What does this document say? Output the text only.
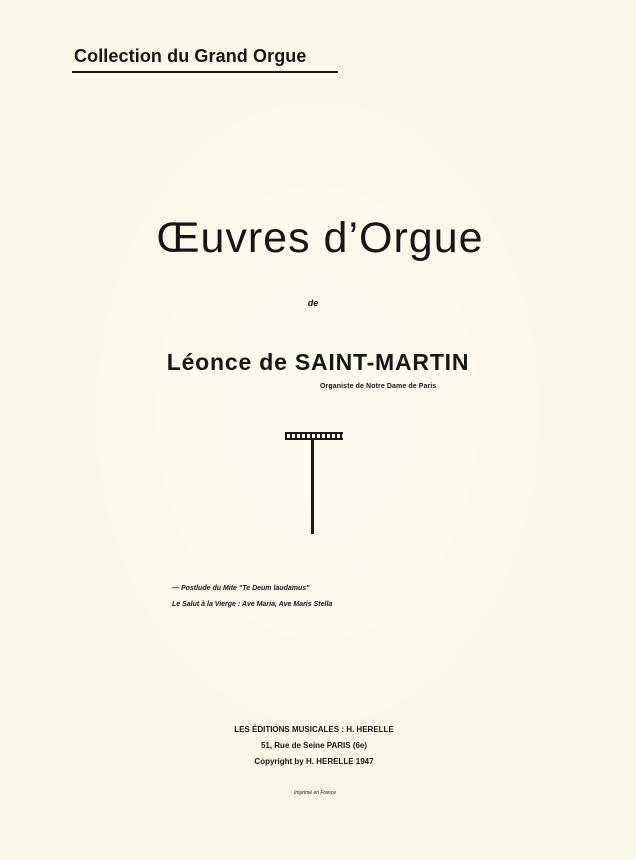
Collection du Grand Orgue
Œuvres d’Orgue
de
Léonce de SAINT-MARTIN
Organiste de Notre Dame de Paris
— Postlude du Mite "Te Deum laudamus"
Le Salut à la Vierge : Ave Maria, Ave Maris Stella
LES ÉDITIONS MUSICALES : H. HERELLE
51, Rue de Seine PARIS (6e)
Copyright by H. HERELLE 1947
Imprimé en France
